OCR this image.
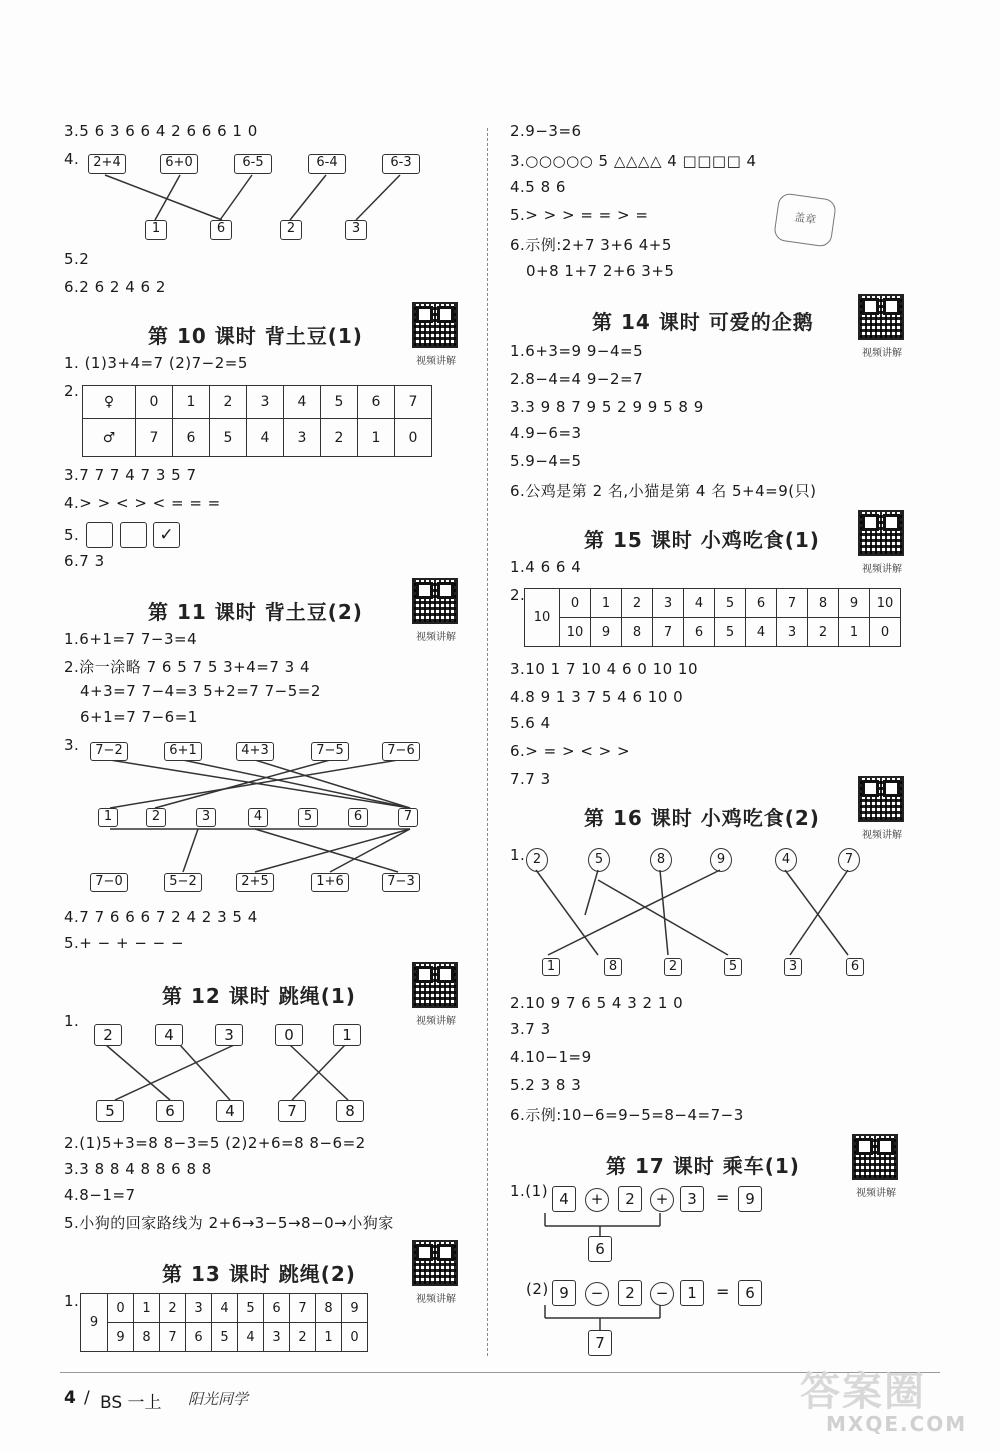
3.5 6 3 6 6 4 2 6 6 6 1 0
4.	2+4	6+0	6-5	6-4	6-3
1	6	2	3
5.2
6.2 6 2 4 6 2
第 10 课时 背土豆(1)
视频讲解
1. (1)3+4=7 (2)7−2=5
2.
♀	0	1	2	3	4	5	6	7
♂	7	6	5	4	3	2	1	0
3.7 7 7 4 7 3 5 7
4.> > < > < = = =
5.	✓
6.7 3
第 11 课时 背土豆(2)
视频讲解
1.6+1=7 7−3=4
2.涂一涂略 7 6 5 7 5 3+4=7 3 4
4+3=7 7−4=3 5+2=7 7−5=2
6+1=7 7−6=1
3.	7−2	6+1	4+3	7−5	7−6
1	2	3	4	5	6	7
7−0	5−2	2+5	1+6	7−3
4.7 7 6 6 6 7 2 4 2 3 5 4
5.+ − + − − −
第 12 课时 跳绳(1)
视频讲解
1.
2	4	3	0	1
5	6	4	7	8
2.(1)5+3=8 8−3=5 (2)2+6=8 8−6=2
3.3 8 8 4 8 8 6 8 8
4.8−1=7
5.小狗的回家路线为 2+6→3−5→8−0→小狗家
第 13 课时 跳绳(2)
视频讲解
1.
9	0	1	2	3	4	5	6	7	8	9
	9	8	7	6	5	4	3	2	1	0
2.9−3=6
3.○○○○○ 5 △△△△ 4 □□□□ 4
4.5 8 6
5.> > > = = > =	盖章
6.示例:2+7 3+6 4+5
0+8 1+7 2+6 3+5
第 14 课时 可爱的企鹅
视频讲解
1.6+3=9 9−4=5
2.8−4=4 9−2=7
3.3 9 8 7 9 5 2 9 9 5 8 9
4.9−6=3
5.9−4=5
6.公鸡是第 2 名,小猫是第 4 名 5+4=9(只)
第 15 课时 小鸡吃食(1)
视频讲解
1.4 6 6 4
2.
10	0	1	2	3	4	5	6	7	8	9	10
	10	9	8	7	6	5	4	3	2	1	0
3.10 1 7 10 4 6 0 10 10
4.8 9 1 3 7 5 4 6 10 0
5.6 4
6.> = > < > >
7.7 3
第 16 课时 小鸡吃食(2)
视频讲解
1. 2	5	8	9	4	7
1	8	2	5	3	6
2.10 9 7 6 5 4 3 2 1 0
3.7 3
4.10−1=9
5.2 3 8 3
6.示例:10−6=9−5=8−4=7−3
第 17 课时 乘车(1)
视频讲解
1.(1) 4	+	2	+	3	=	9
6
(2) 9	−	2	−	1	=	6
7
4 / BS 一上 阳光同学	答案圈
MXQE.COM
